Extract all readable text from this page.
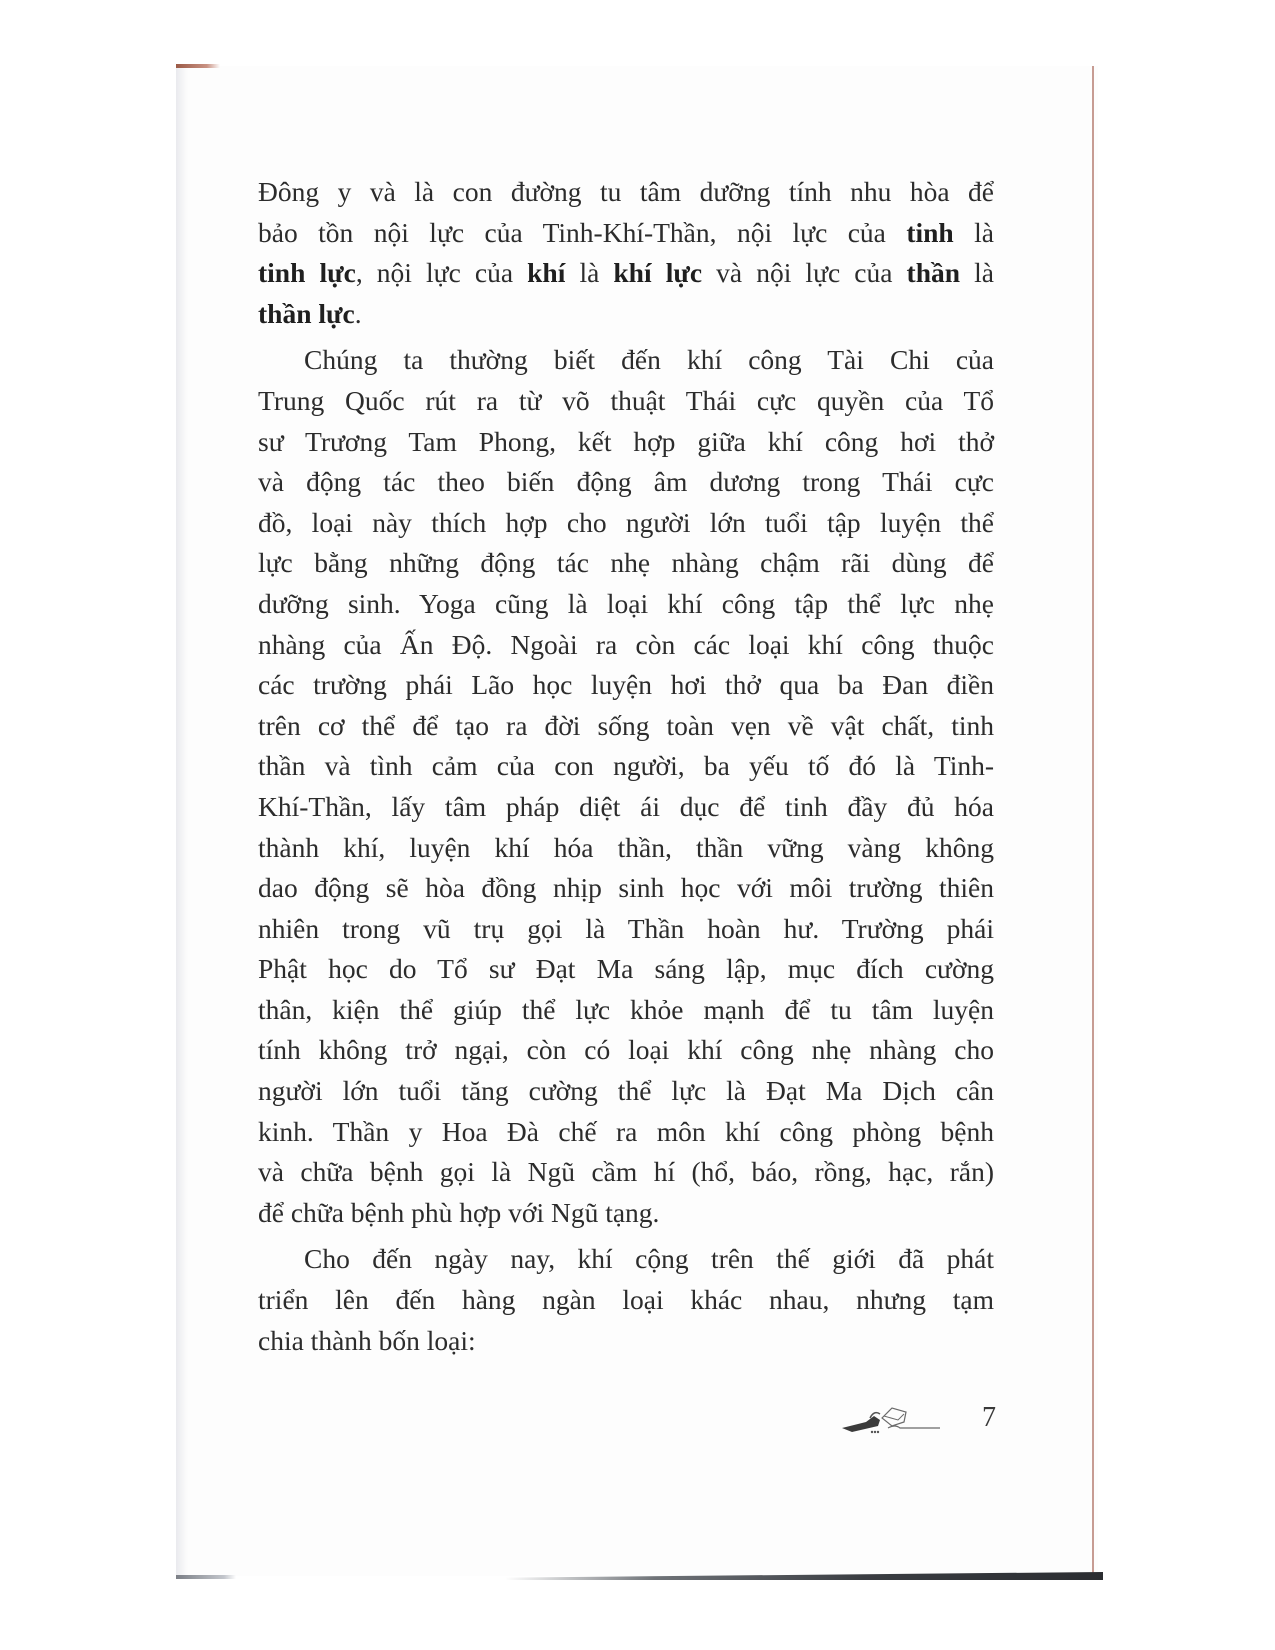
Đông y và là con đường tu tâm dưỡng tính nhu hòa để
bảo tồn nội lực của Tinh-Khí-Thần, nội lực của tinh là
tinh lực, nội lực của khí là khí lực và nội lực của thần là
thần lực.
Chúng ta thường biết đến khí công Tài Chi của
Trung Quốc rút ra từ võ thuật Thái cực quyền của Tổ
sư Trương Tam Phong, kết hợp giữa khí công hơi thở
và động tác theo biến động âm dương trong Thái cực
đồ, loại này thích hợp cho người lớn tuổi tập luyện thể
lực bằng những động tác nhẹ nhàng chậm rãi dùng để
dưỡng sinh. Yoga cũng là loại khí công tập thể lực nhẹ
nhàng của Ấn Độ. Ngoài ra còn các loại khí công thuộc
các trường phái Lão học luyện hơi thở qua ba Đan điền
trên cơ thể để tạo ra đời sống toàn vẹn về vật chất, tinh
thần và tình cảm của con người, ba yếu tố đó là Tinh-
Khí-Thần, lấy tâm pháp diệt ái dục để tinh đầy đủ hóa
thành khí, luyện khí hóa thần, thần vững vàng không
dao động sẽ hòa đồng nhịp sinh học với môi trường thiên
nhiên trong vũ trụ gọi là Thần hoàn hư. Trường phái
Phật học do Tổ sư Đạt Ma sáng lập, mục đích cường
thân, kiện thể giúp thể lực khỏe mạnh để tu tâm luyện
tính không trở ngại, còn có loại khí công nhẹ nhàng cho
người lớn tuổi tăng cường thể lực là Đạt Ma Dịch cân
kinh. Thần y Hoa Đà chế ra môn khí công phòng bệnh
và chữa bệnh gọi là Ngũ cầm hí (hổ, báo, rồng, hạc, rắn)
để chữa bệnh phù hợp với Ngũ tạng.
Cho đến ngày nay, khí cộng trên thế giới đã phát
triển lên đến hàng ngàn loại khác nhau, nhưng tạm
chia thành bốn loại:
7
